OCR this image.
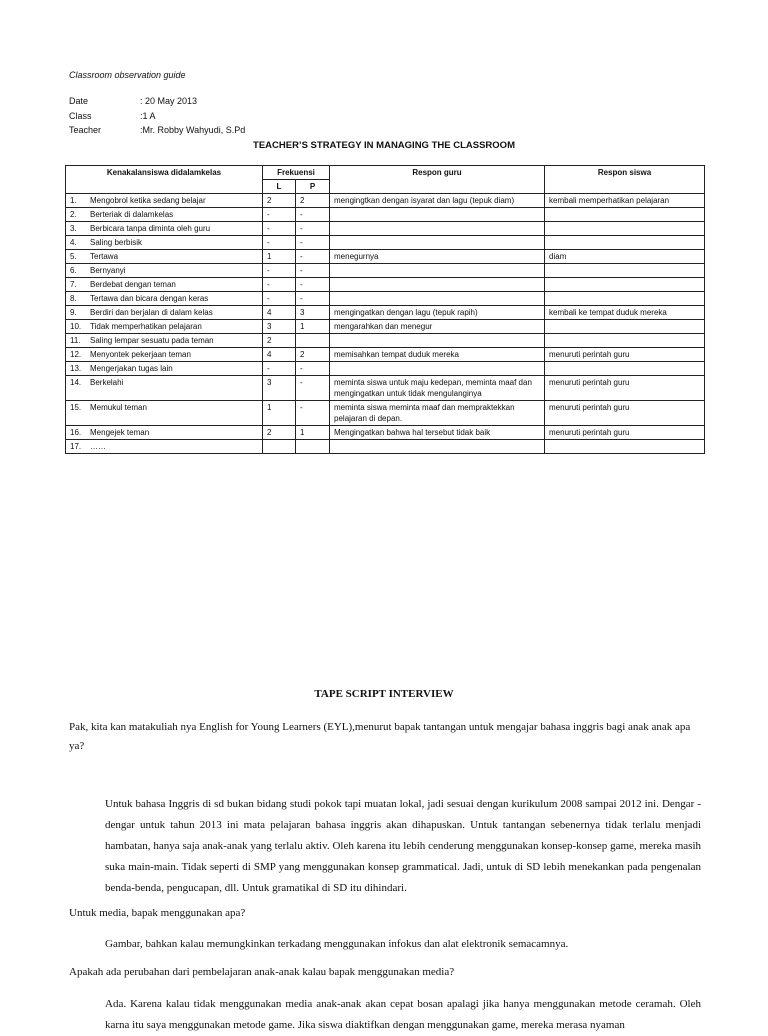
Classroom observation guide
Date	: 20 May 2013
Class	:1 A
Teacher	:Mr. Robby Wahyudi, S.Pd
TEACHER’S STRATEGY IN MANAGING THE CLASSROOM
Kenakalansiswa didalamkelas	Frekuensi		Respon guru	Respon siswa
	L	P		
1. Mengobrol ketika sedang belajar	2	2	mengingtkan dengan isyarat dan lagu (tepuk diam)	kembali memperhatikan pelajaran
2. Berteriak di dalamkelas	-	-		
3. Berbicara tanpa diminta oleh guru	-	-		
4. Saling berbisik	-	-		
5. Tertawa	1	-	menegurnya	diam
6. Bernyanyi	-	-		
7. Berdebat dengan teman	-	-		
8. Tertawa dan bicara dengan keras	-	-		
9. Berdiri dan berjalan di dalam kelas	4	3	mengingatkan dengan lagu (tepuk rapih)	kembali ke tempat duduk mereka
10. Tidak memperhatikan pelajaran	3	1	mengarahkan dan menegur	
11. Saling lempar sesuatu pada teman	2			
12. Menyontek pekerjaan teman	4	2	memisahkan tempat duduk mereka	menuruti perintah guru
13. Mengerjakan tugas lain	-	-		
14. Berkelahi	3	-	meminta siswa untuk maju kedepan, meminta maaf dan mengingatkan untuk tidak mengulanginya	menuruti perintah guru
15. Memukul teman	1	-	meminta siswa meminta maaf dan mempraktekkan pelajaran di depan.	menuruti perintah guru
16. Mengejek teman	2	1	Mengingatkan bahwa hal tersebut tidak baik	menuruti perintah guru
17. ……				
TAPE SCRIPT INTERVIEW
Pak, kita kan matakuliah nya English for Young Learners (EYL),menurut bapak tantangan untuk mengajar bahasa inggris bagi anak anak apa ya?
Untuk bahasa Inggris di sd bukan bidang studi pokok tapi muatan lokal, jadi sesuai dengan kurikulum 2008 sampai 2012 ini. Dengar - dengar untuk tahun 2013 ini mata pelajaran bahasa inggris akan dihapuskan. Untuk tantangan sebenernya tidak terlalu menjadi hambatan, hanya saja anak-anak yang terlalu aktiv. Oleh karena itu lebih cenderung menggunakan konsep-konsep game, mereka masih suka main-main. Tidak seperti di SMP yang menggunakan konsep grammatical. Jadi, untuk di SD lebih menekankan pada pengenalan benda-benda, pengucapan, dll. Untuk gramatikal di SD itu dihindari.
Untuk media, bapak menggunakan apa?
Gambar, bahkan kalau memungkinkan terkadang menggunakan infokus dan alat elektronik semacamnya.
Apakah ada perubahan dari pembelajaran anak-anak kalau bapak menggunakan media?
Ada. Karena kalau tidak menggunakan media anak-anak akan cepat bosan apalagi jika hanya menggunakan metode ceramah. Oleh karna itu saya menggunakan metode game. Jika siswa diaktifkan dengan menggunakan game, mereka merasa nyaman
